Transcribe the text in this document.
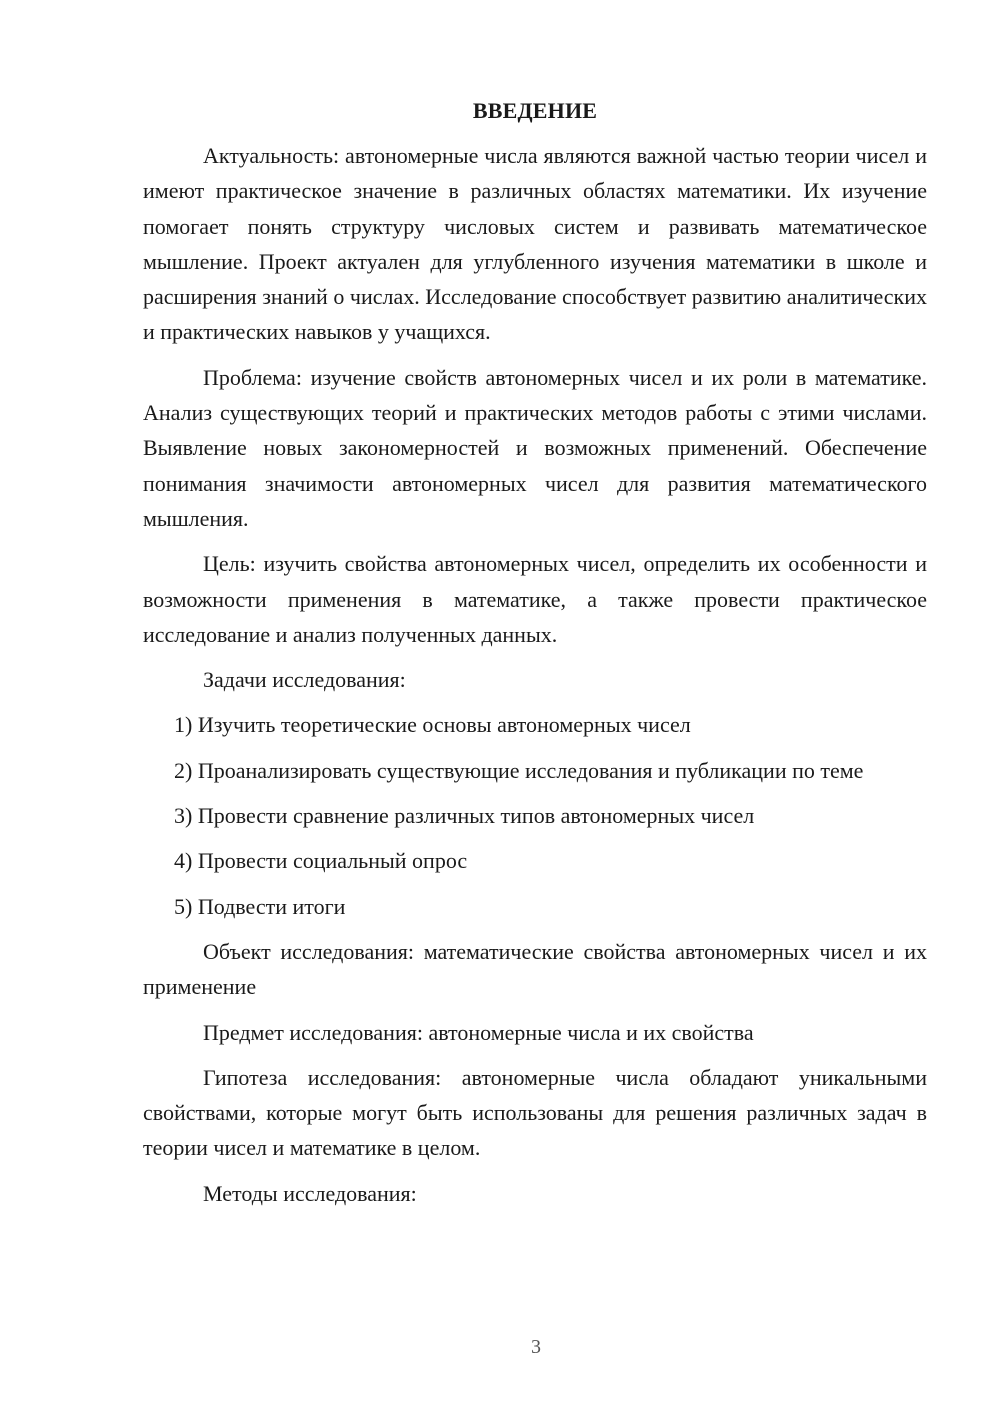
ВВЕДЕНИЕ

Актуальность: автономерные числа являются важной частью теории чисел и имеют практическое значение в различных областях математики. Их изучение помогает понять структуру числовых систем и развивать математическое мышление. Проект актуален для углубленного изучения математики в школе и расширения знаний о числах. Исследование способствует развитию аналитических и практических навыков у учащихся.

Проблема: изучение свойств автономерных чисел и их роли в математике. Анализ существующих теорий и практических методов работы с этими числами. Выявление новых закономерностей и возможных применений. Обеспечение понимания значимости автономерных чисел для развития математического мышления.

Цель: изучить свойства автономерных чисел, определить их особенности и возможности применения в математике, а также провести практическое исследование и анализ полученных данных.

Задачи исследования:

1) Изучить теоретические основы автономерных чисел

2) Проанализировать существующие исследования и публикации по теме

3) Провести сравнение различных типов автономерных чисел

4) Провести социальный опрос

5) Подвести итоги

Объект исследования: математические свойства автономерных чисел и их применение

Предмет исследования: автономерные числа и их свойства

Гипотеза исследования: автономерные числа обладают уникальными свойствами, которые могут быть использованы для решения различных задач в теории чисел и математике в целом.

Методы исследования:

3
